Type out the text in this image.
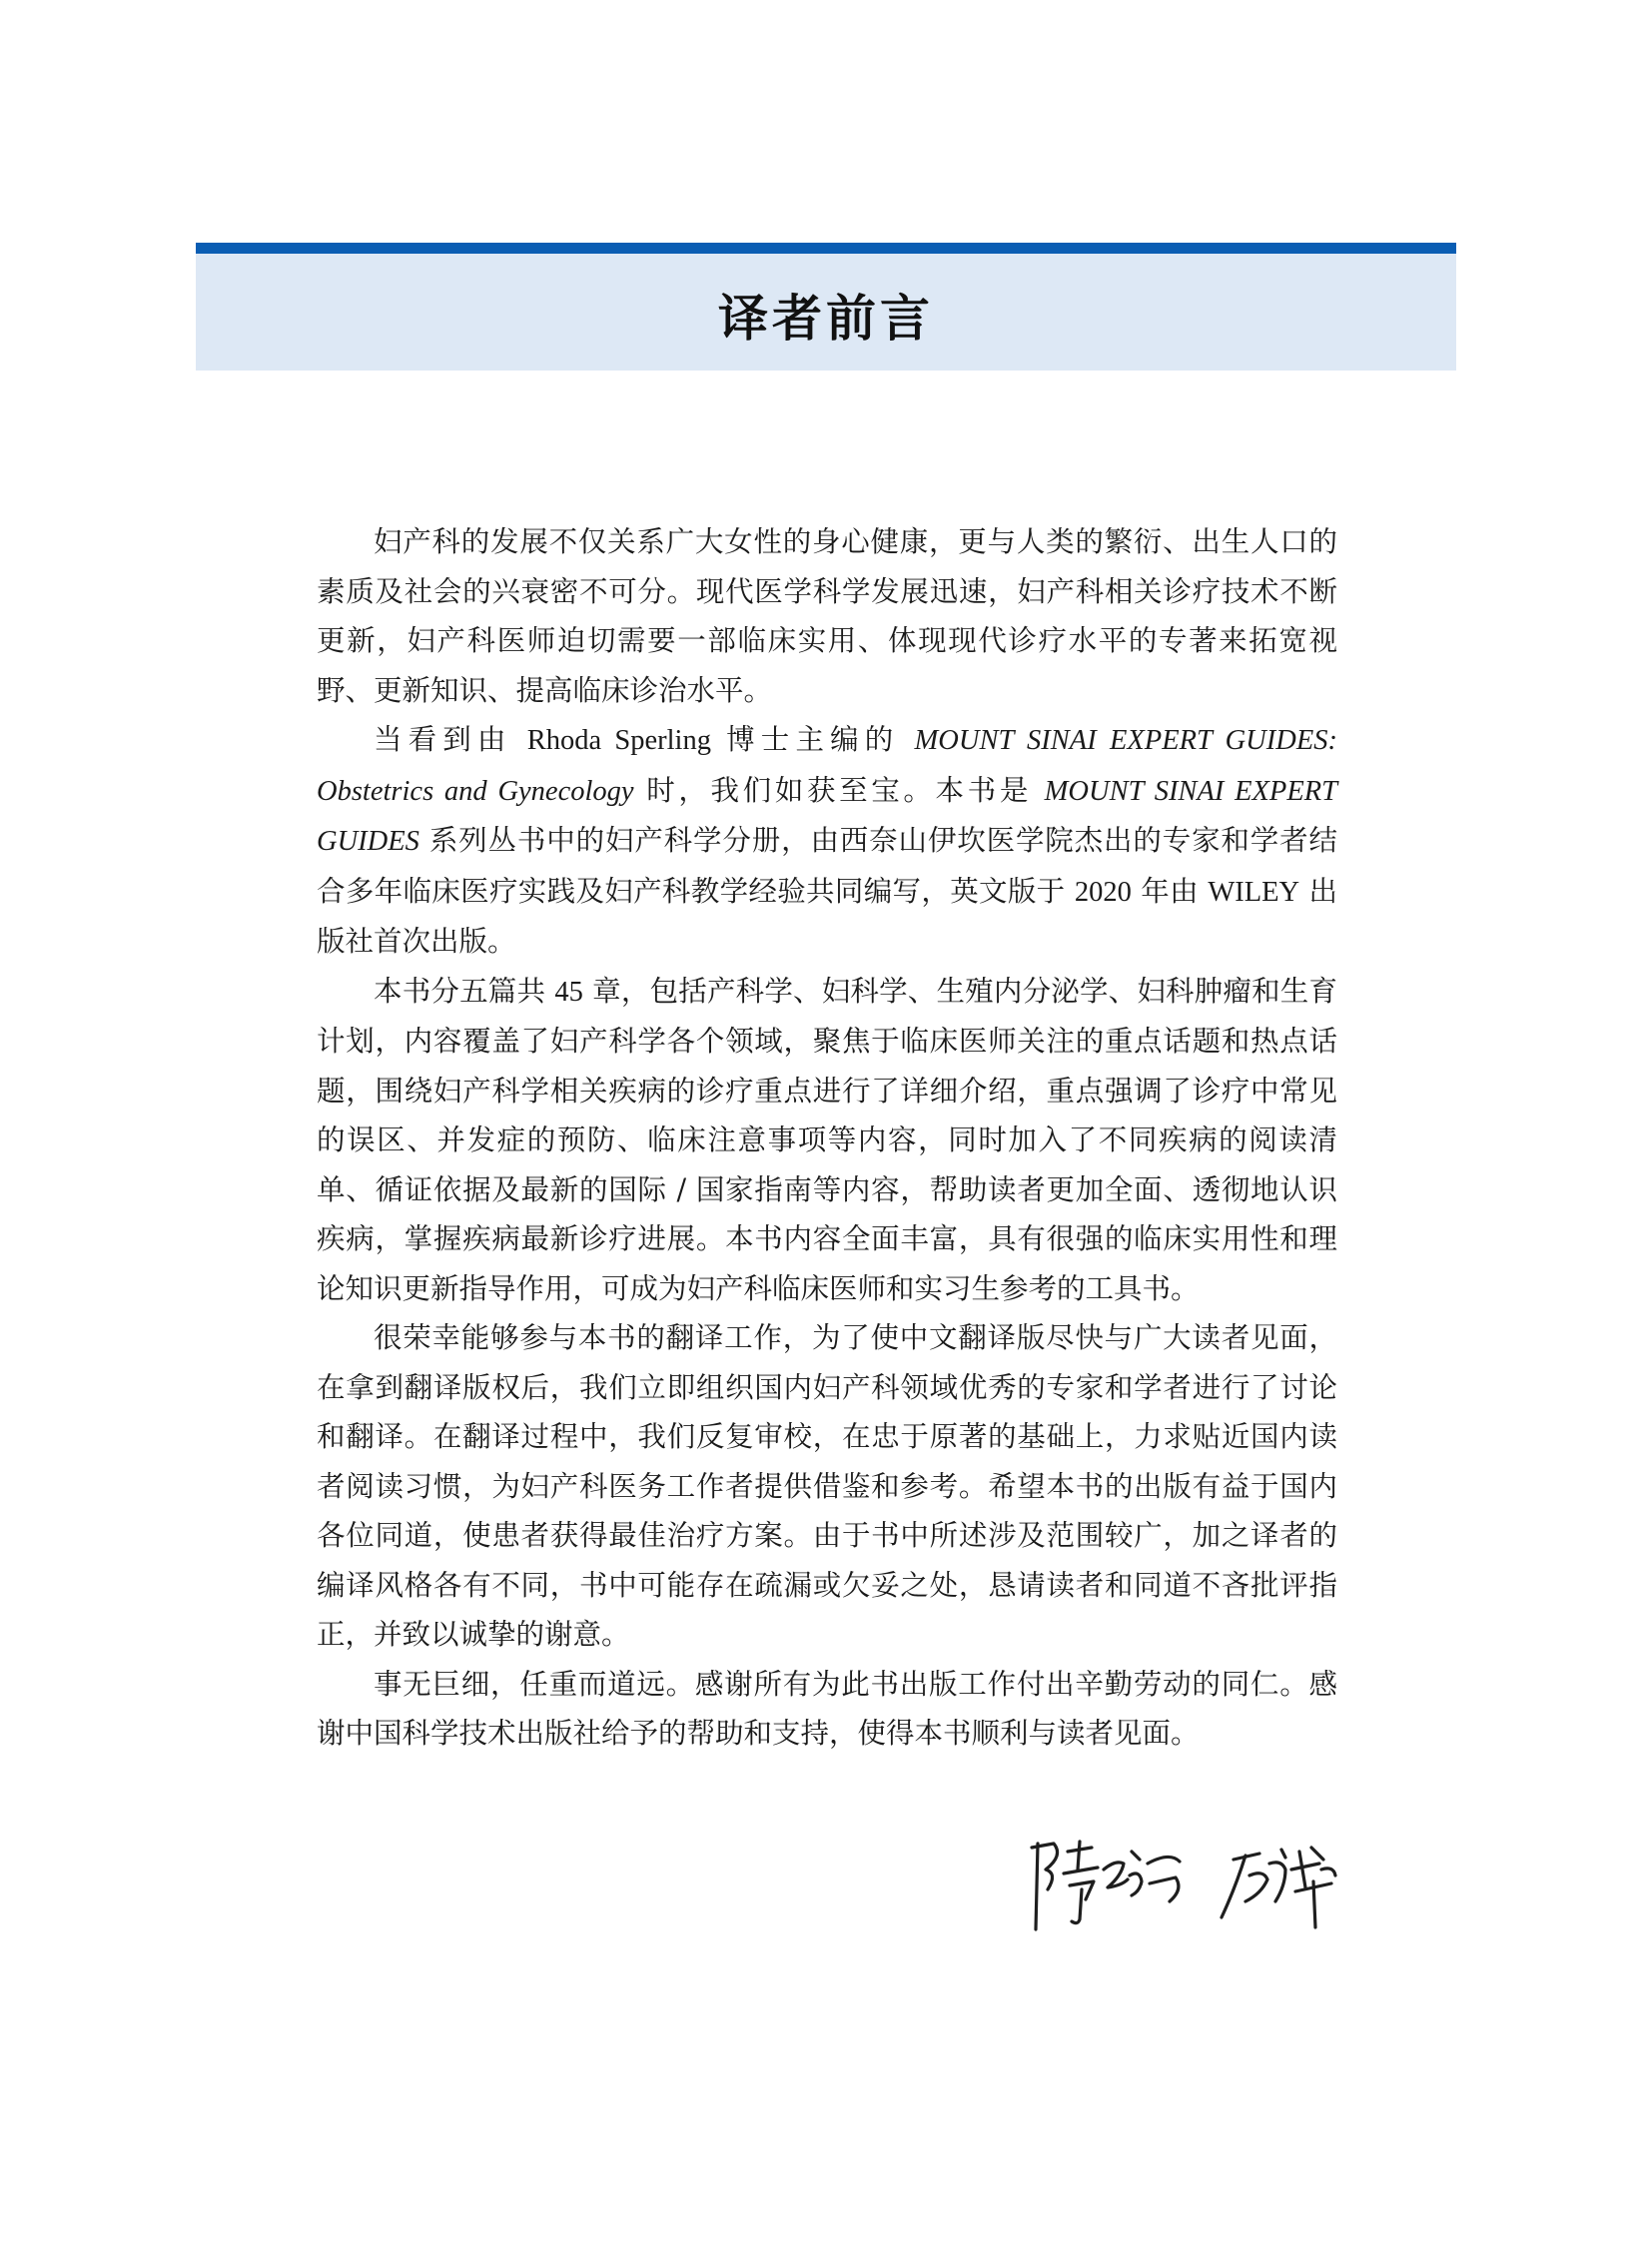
译者前言

妇产科的发展不仅关系广大女性的身心健康，更与人类的繁衍、出生人口的素质及社会的兴衰密不可分。现代医学科学发展迅速，妇产科相关诊疗技术不断更新，妇产科医师迫切需要一部临床实用、体现现代诊疗水平的专著来拓宽视野、更新知识、提高临床诊治水平。

当看到由 Rhoda Sperling 博士主编的 MOUNT SINAI EXPERT GUIDES: Obstetrics and Gynecology 时，我们如获至宝。本书是 MOUNT SINAI EXPERT GUIDES 系列丛书中的妇产科学分册，由西奈山伊坎医学院杰出的专家和学者结合多年临床医疗实践及妇产科教学经验共同编写，英文版于 2020 年由 WILEY 出版社首次出版。

本书分五篇共 45 章，包括产科学、妇科学、生殖内分泌学、妇科肿瘤和生育计划，内容覆盖了妇产科学各个领域，聚焦于临床医师关注的重点话题和热点话题，围绕妇产科学相关疾病的诊疗重点进行了详细介绍，重点强调了诊疗中常见的误区、并发症的预防、临床注意事项等内容，同时加入了不同疾病的阅读清单、循证依据及最新的国际 / 国家指南等内容，帮助读者更加全面、透彻地认识疾病，掌握疾病最新诊疗进展。本书内容全面丰富，具有很强的临床实用性和理论知识更新指导作用，可成为妇产科临床医师和实习生参考的工具书。

很荣幸能够参与本书的翻译工作，为了使中文翻译版尽快与广大读者见面，在拿到翻译版权后，我们立即组织国内妇产科领域优秀的专家和学者进行了讨论和翻译。在翻译过程中，我们反复审校，在忠于原著的基础上，力求贴近国内读者阅读习惯，为妇产科医务工作者提供借鉴和参考。希望本书的出版有益于国内各位同道，使患者获得最佳治疗方案。由于书中所述涉及范围较广，加之译者的编译风格各有不同，书中可能存在疏漏或欠妥之处，恳请读者和同道不吝批评指正，并致以诚挚的谢意。

事无巨细，任重而道远。感谢所有为此书出版工作付出辛勤劳动的同仁。感谢中国科学技术出版社给予的帮助和支持，使得本书顺利与读者见面。
